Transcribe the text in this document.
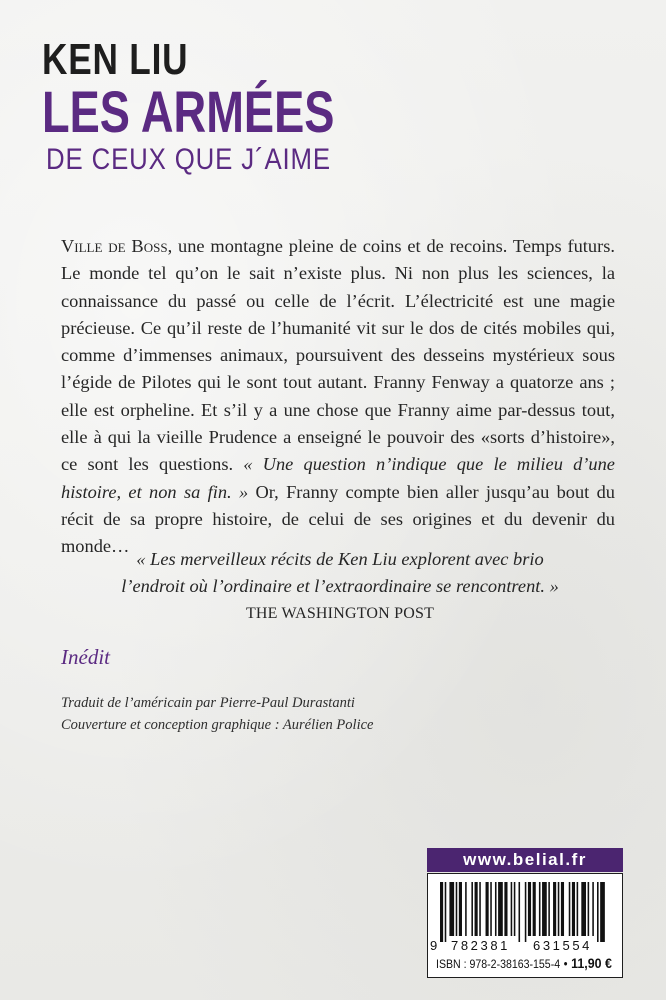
KEN LIU
LES ARMÉES
DE CEUX QUE J´AIME

Ville de Boss, une montagne pleine de coins et de recoins. Temps futurs. Le monde tel qu’on le sait n’existe plus. Ni non plus les sciences, la connaissance du passé ou celle de l’écrit. L’électricité est une magie précieuse. Ce qu’il reste de l’humanité vit sur le dos de cités mobiles qui, comme d’immenses animaux, poursuivent des desseins mystérieux sous l’égide de Pilotes qui le sont tout autant. Franny Fenway a quatorze ans ; elle est orpheline. Et s’il y a une chose que Franny aime par-dessus tout, elle à qui la vieille Prudence a enseigné le pouvoir des «sorts d’histoire», ce sont les questions. « Une question n’indique que le milieu d’une histoire, et non sa fin. » Or, Franny compte bien aller jusqu’au bout du récit de sa propre histoire, de celui de ses origines et du devenir du monde…

« Les merveilleux récits de Ken Liu explorent avec brio
l’endroit où l’ordinaire et l’extraordinaire se rencontrent. »
THE WASHINGTON POST
Inédit
Traduit de l’américain par Pierre-Paul Durastanti
Couverture et conception graphique : Aurélien Police
www.belial.fr
9 782381 631554
ISBN : 978-2-38163-155-4 • 11,90 €
